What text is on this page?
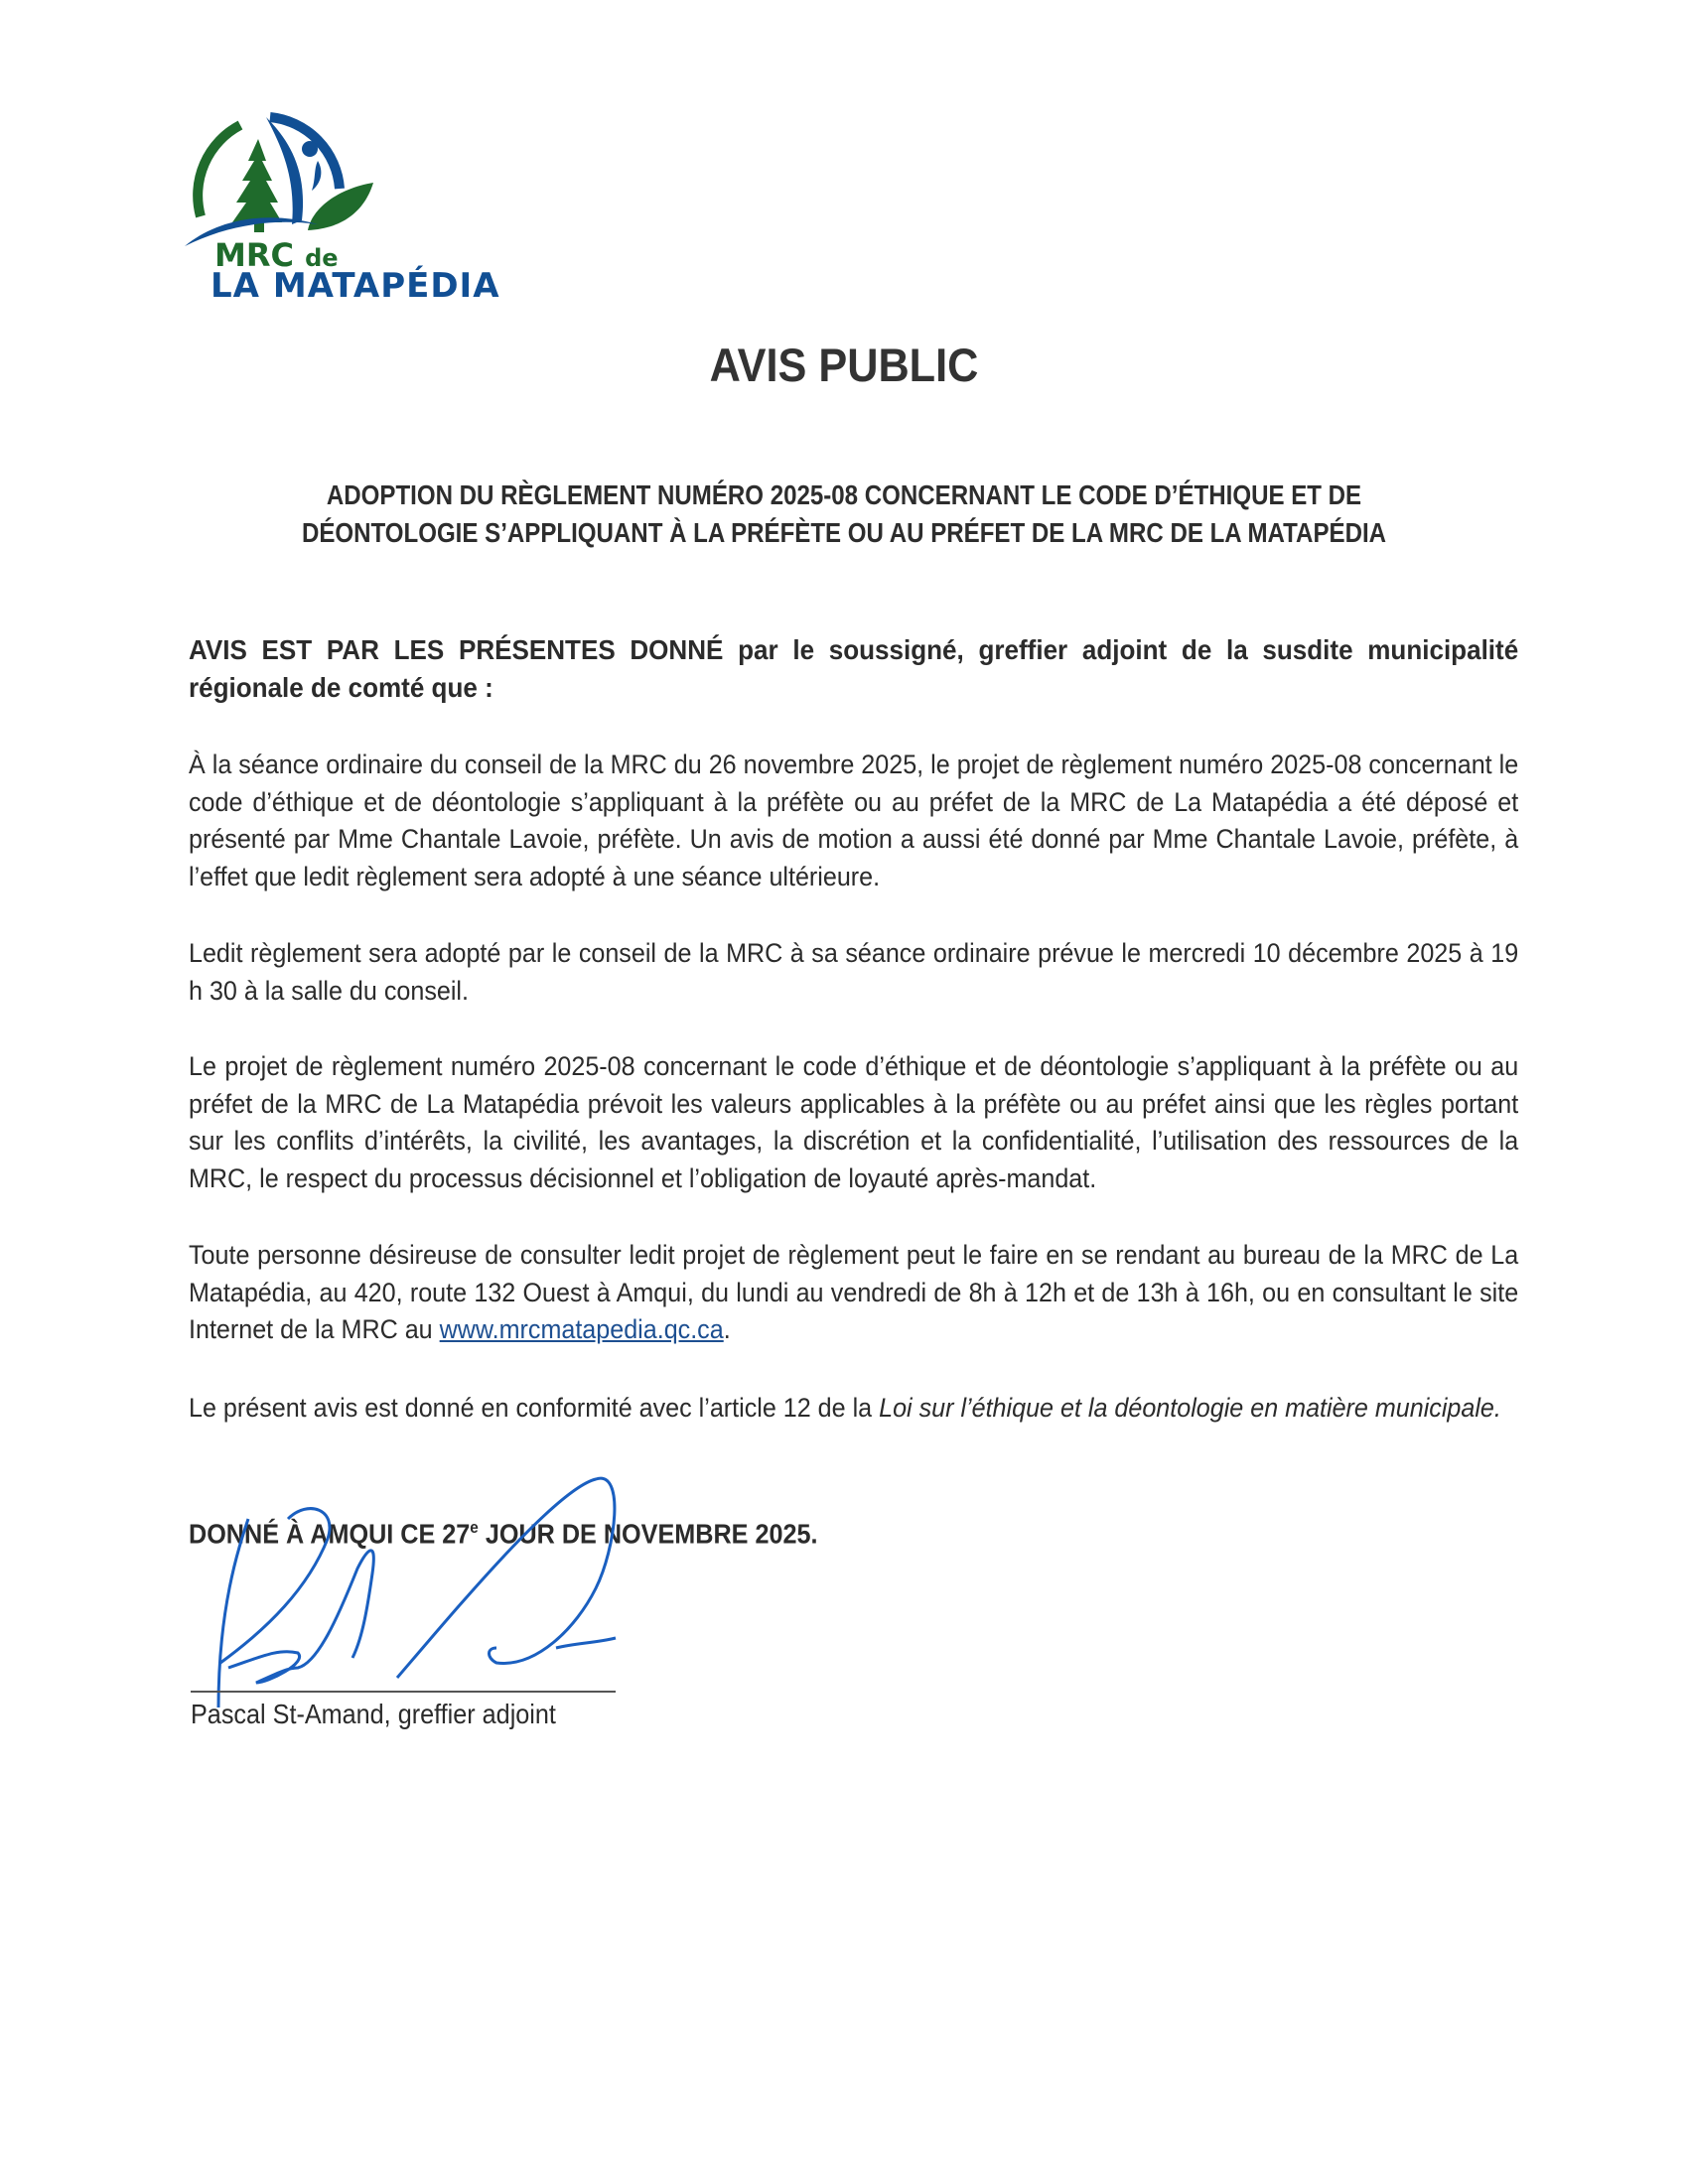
MRC de
LA MATAPÉDIA
AVIS PUBLIC
ADOPTION DU RÈGLEMENT NUMÉRO 2025-08 CONCERNANT LE CODE D’ÉTHIQUE ET DE
DÉONTOLOGIE S’APPLIQUANT À LA PRÉFÈTE OU AU PRÉFET DE LA MRC DE LA MATAPÉDIA
AVIS EST PAR LES PRÉSENTES DONNÉ par le soussigné, greffier adjoint de la susdite municipalité régionale de comté que :
À la séance ordinaire du conseil de la MRC du 26 novembre 2025, le projet de règlement numéro 2025-08 concernant le code d’éthique et de déontologie s’appliquant à la préfète ou au préfet de la MRC de La Matapédia a été déposé et présenté par Mme Chantale Lavoie, préfète. Un avis de motion a aussi été donné par Mme Chantale Lavoie, préfète, à l’effet que ledit règlement sera adopté à une séance ultérieure.
Ledit règlement sera adopté par le conseil de la MRC à sa séance ordinaire prévue le mercredi 10 décembre 2025 à 19 h 30 à la salle du conseil.
Le projet de règlement numéro 2025-08 concernant le code d’éthique et de déontologie s’appliquant à la préfète ou au préfet de la MRC de La Matapédia prévoit les valeurs applicables à la préfète ou au préfet ainsi que les règles portant sur les conflits d’intérêts, la civilité, les avantages, la discrétion et la confidentialité, l’utilisation des ressources de la MRC, le respect du processus décisionnel et l’obligation de loyauté après-mandat.
Toute personne désireuse de consulter ledit projet de règlement peut le faire en se rendant au bureau de la MRC de La Matapédia, au 420, route 132 Ouest à Amqui, du lundi au vendredi de 8h à 12h et de 13h à 16h, ou en consultant le site Internet de la MRC au www.mrcmatapedia.qc.ca.
Le présent avis est donné en conformité avec l’article 12 de la Loi sur l’éthique et la déontologie en matière municipale.
DONNÉ À AMQUI CE 27e JOUR DE NOVEMBRE 2025.
Pascal St-Amand, greffier adjoint
